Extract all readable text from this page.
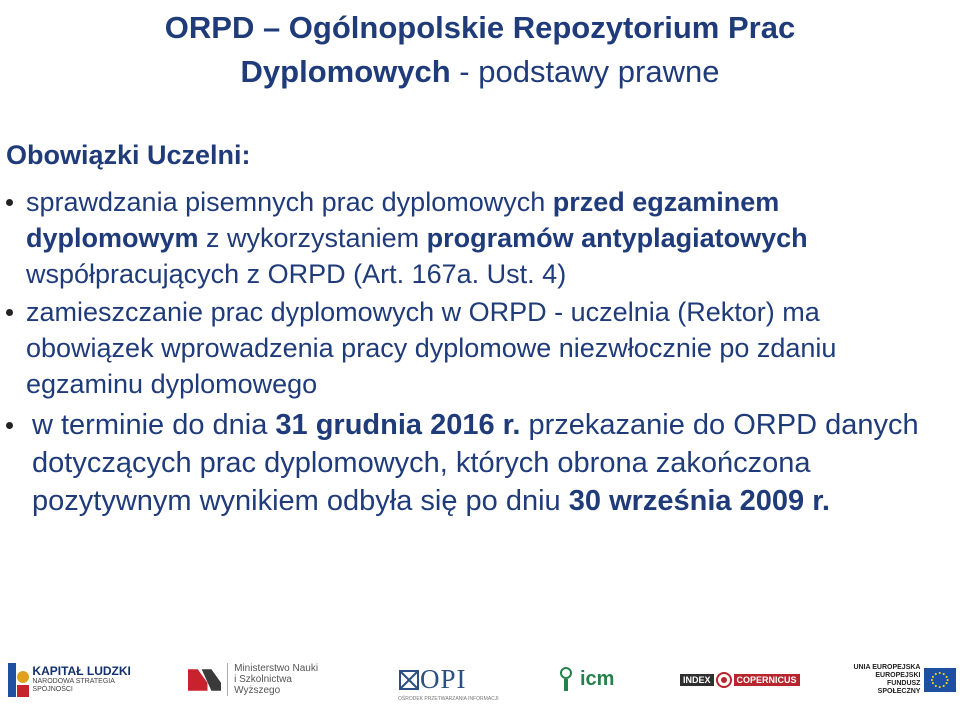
ORPD – Ogólnopolskie Repozytorium Prac
Dyplomowych - podstawy prawne
Obowiązki Uczelni:
sprawdzania pisemnych prac dyplomowych przed egzaminem dyplomowym z wykorzystaniem programów antyplagiatowych współpracujących z ORPD (Art. 167a. Ust. 4)
zamieszczanie prac dyplomowych w ORPD - uczelnia (Rektor) ma obowiązek wprowadzenia pracy dyplomowe niezwłocznie po zdaniu egzaminu dyplomowego
w terminie do dnia 31 grudnia 2016 r. przekazanie do ORPD danych dotyczących prac dyplomowych, których obrona zakończona pozytywnym wynikiem odbyła się po dniu 30 września 2009 r.
KAPITAŁ LUDZKI
NARODOWA STRATEGIA SPÓJNOŚCI
Ministerstwo Nauki
i Szkolnictwa Wyższego	OPI
OŚRODEK PRZETWARZANIA INFORMACJI
icm	INDEX	COPERNICUS
UNIA EUROPEJSKA
EUROPEJSKI
FUNDUSZ SPOŁECZNY
